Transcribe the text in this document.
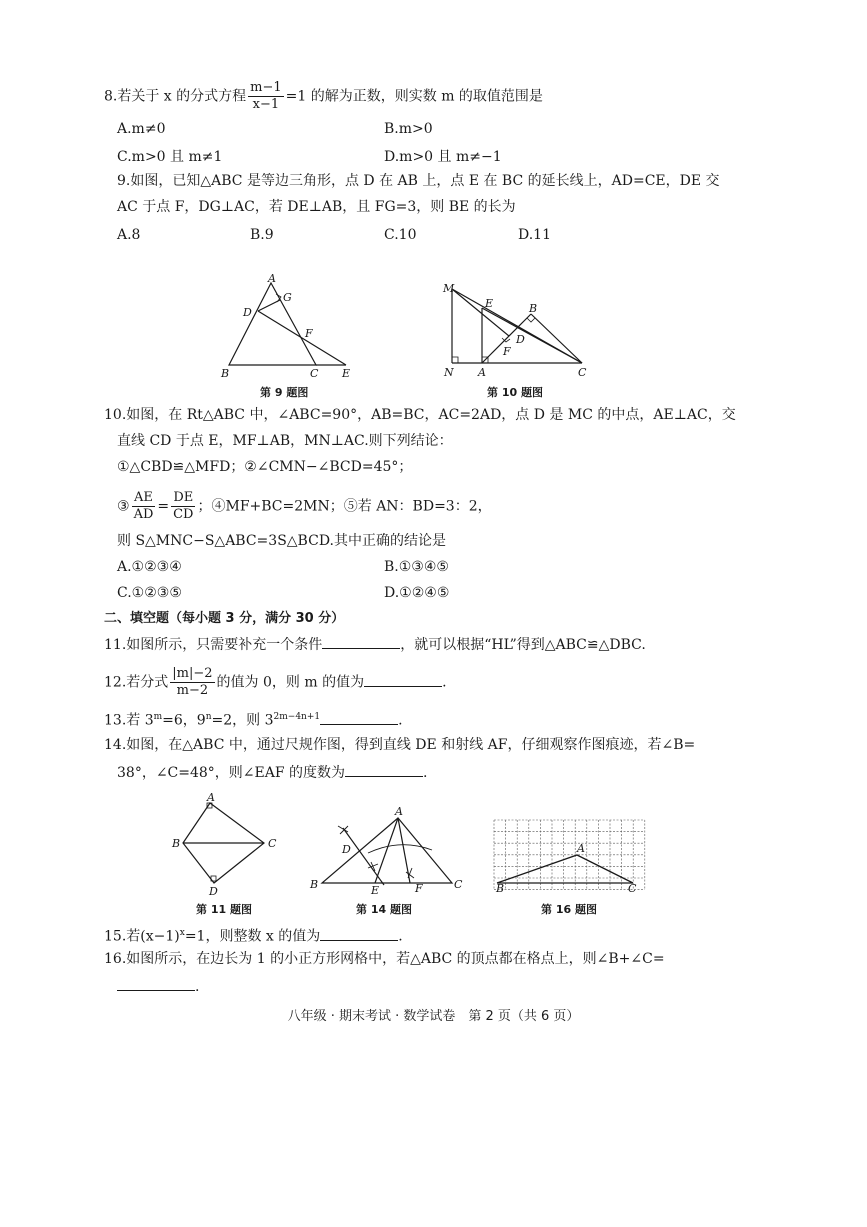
8.若关于 x 的分式方程 $\frac{m-1}{x-1} =1$ 的解为正数，则实数 m 的取值范围是
A.m≠0	B.m>0
C.m>0 且 m≠1	D.m>0 且 m≠−1
9.如图，已知△ABC 是等边三角形，点 D 在 AB 上，点 E 在 BC 的延长线上，AD=CE，DE 交
AC 于点 F，DG⊥AC，若 DE⊥AB，且 FG=3，则 BE 的长为
A.8	B.9	C.10	D.11
A
D
G
F
B	C E
第 9 题图
M
E	B
D
F
N A	C
第 10 题图
10.如图，在 Rt△ABC 中，∠ABC=90°，AB=BC，AC=2AD，点 D 是 MC 的中点，AE⊥AC，交
直线 CD 于点 E，MF⊥AB，MN⊥AC.则下列结论：
①△CBD≌△MFD；②∠CMN−∠BCD=45°；
③ $\frac{AE}{AD} = \frac{DE}{CD}$ ；④MF+BC=2MN；⑤若 AN：BD=3：2，
则 S△MNC−S△ABC=3S△BCD.其中正确的结论是
A.①②③④	B.①③④⑤
C.①②③⑤	D.①②④⑤
二、填空题（每小题 3 分，满分 30 分）
11.如图所示，只需要补充一个条件	，就可以根据“HL”得到△ABC≌△DBC.
12.若分式 $\frac{|m|-2}{m-2}$ 的值为 0，则 m 的值为	.
13.若 $3^m=6$，$9^n=2$，则 $3^{2m-4n+1}$	.
14.如图，在△ABC 中，通过尺规作图，得到直线 DE 和射线 AF，仔细观察作图痕迹，若∠B=
38°，∠C=48°，则∠EAF 的度数为	.
A
B	C
D
第 11 题图
A
D
B	E	F	C
第 14 题图
A
B	C
第 16 题图
15.若$(x-1)^x=1$，则整数 x 的值为	.
16.如图所示，在边长为 1 的小正方形网格中，若△ABC 的顶点都在格点上，则∠B+∠C=
.
八年级 · 期末考试 · 数学试卷　第 2 页（共 6 页）
